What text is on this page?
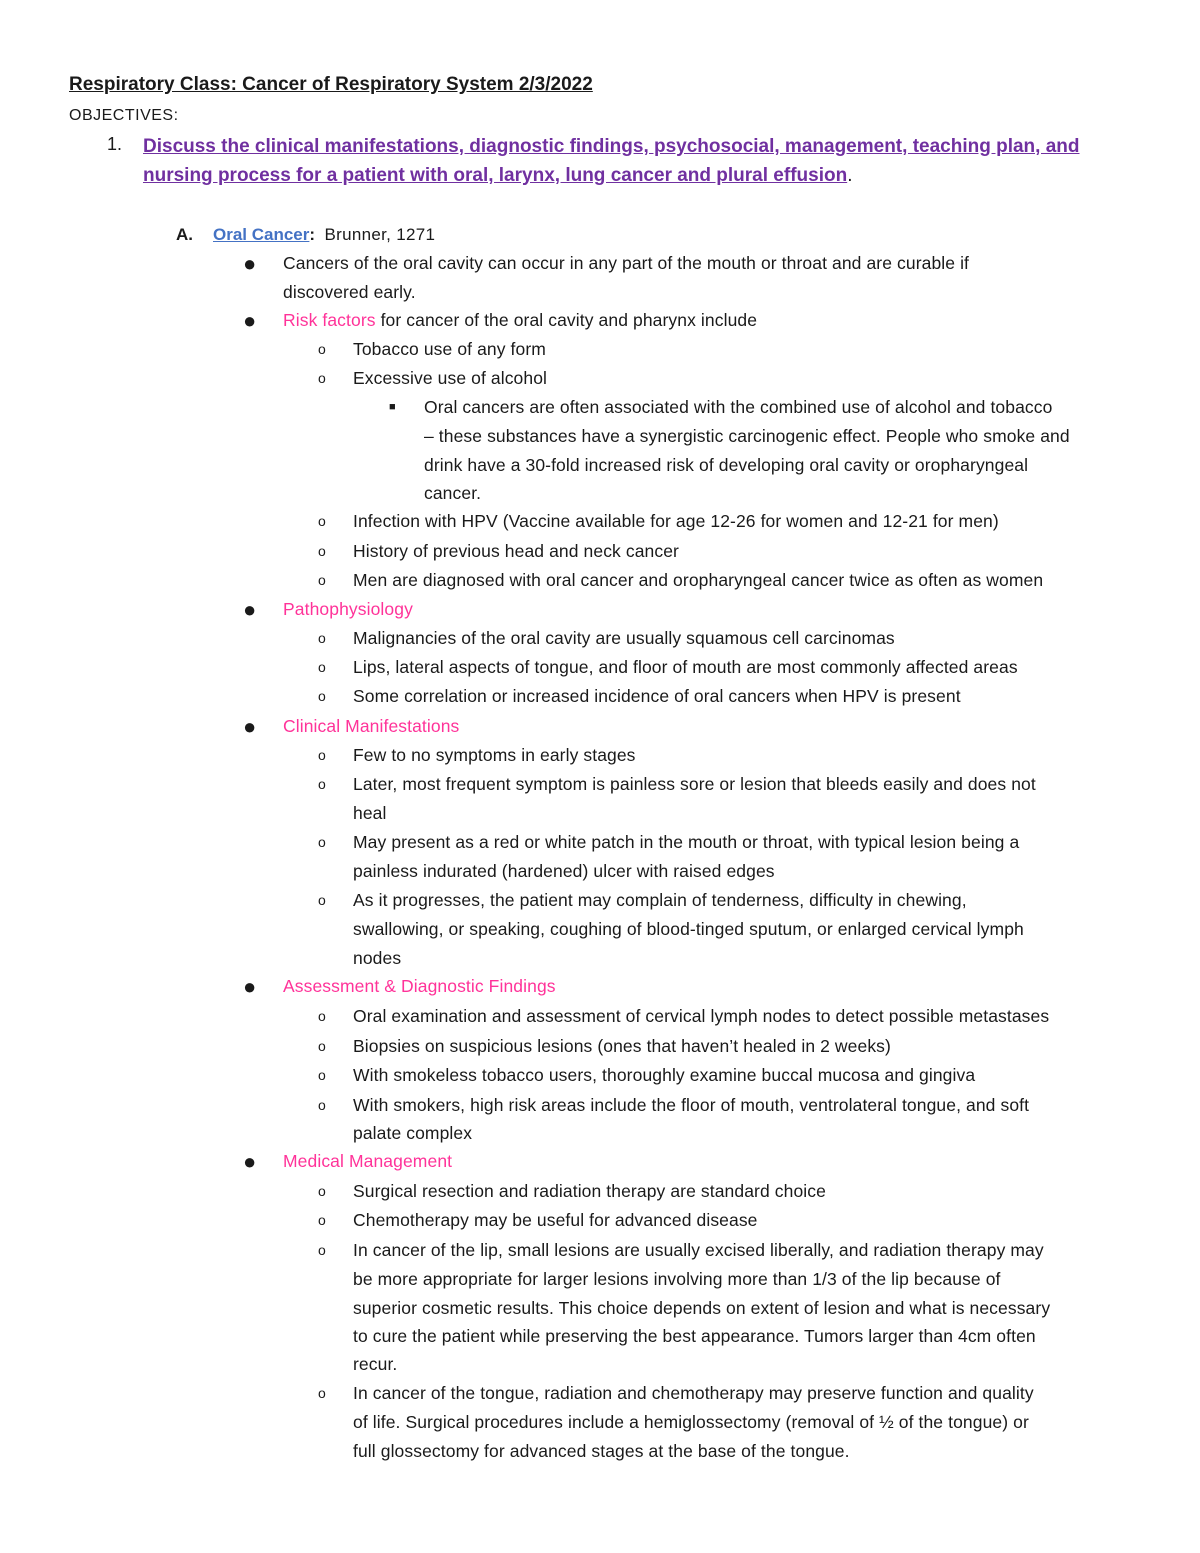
Respiratory Class: Cancer of Respiratory System 2/3/2022
OBJECTIVES:
1. Discuss the clinical manifestations, diagnostic findings, psychosocial, management, teaching plan, and nursing process for a patient with oral, larynx, lung cancer and plural effusion.
A. Oral Cancer: Brunner, 1271
● Cancers of the oral cavity can occur in any part of the mouth or throat and are curable if
discovered early.
● Risk factors for cancer of the oral cavity and pharynx include
o Tobacco use of any form
o Excessive use of alcohol
■ Oral cancers are often associated with the combined use of alcohol and tobacco
– these substances have a synergistic carcinogenic effect. People who smoke and
drink have a 30-fold increased risk of developing oral cavity or oropharyngeal
cancer.
o Infection with HPV (Vaccine available for age 12-26 for women and 12-21 for men)
o History of previous head and neck cancer
o Men are diagnosed with oral cancer and oropharyngeal cancer twice as often as women
● Pathophysiology
o Malignancies of the oral cavity are usually squamous cell carcinomas
o Lips, lateral aspects of tongue, and floor of mouth are most commonly affected areas
o Some correlation or increased incidence of oral cancers when HPV is present
● Clinical Manifestations
o Few to no symptoms in early stages
o Later, most frequent symptom is painless sore or lesion that bleeds easily and does not
heal
o May present as a red or white patch in the mouth or throat, with typical lesion being a
painless indurated (hardened) ulcer with raised edges
o As it progresses, the patient may complain of tenderness, difficulty in chewing,
swallowing, or speaking, coughing of blood-tinged sputum, or enlarged cervical lymph
nodes
● Assessment & Diagnostic Findings
o Oral examination and assessment of cervical lymph nodes to detect possible metastases
o Biopsies on suspicious lesions (ones that haven’t healed in 2 weeks)
o With smokeless tobacco users, thoroughly examine buccal mucosa and gingiva
o With smokers, high risk areas include the floor of mouth, ventrolateral tongue, and soft
palate complex
● Medical Management
o Surgical resection and radiation therapy are standard choice
o Chemotherapy may be useful for advanced disease
o In cancer of the lip, small lesions are usually excised liberally, and radiation therapy may
be more appropriate for larger lesions involving more than 1/3 of the lip because of
superior cosmetic results. This choice depends on extent of lesion and what is necessary
to cure the patient while preserving the best appearance. Tumors larger than 4cm often
recur.
o In cancer of the tongue, radiation and chemotherapy may preserve function and quality
of life. Surgical procedures include a hemiglossectomy (removal of ½ of the tongue) or
full glossectomy for advanced stages at the base of the tongue.
